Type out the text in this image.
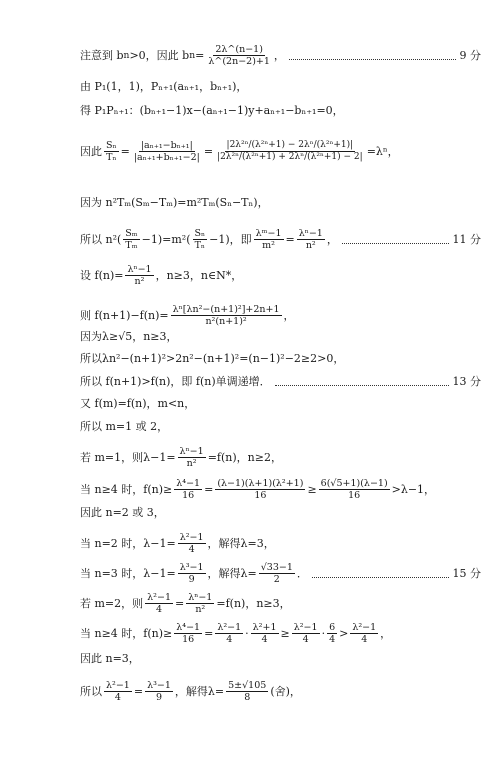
注意到 b n >0，因此 b $n = \frac{2\lambda\^{}(n-1)}{\lambda\^{}(2n-2)+1}$ ，	9 分
由 P₁(1，1)，Pₙ₊₁(aₙ₊₁，bₙ₊₁)，
得 P₁Pₙ₊₁：(bₙ₊₁−1)x−(aₙ₊₁−1)y+aₙ₊₁−bₙ₊₁=0，
因此 $\frac{\text{Sₙ}}{\text{Tₙ}} = \frac{\text{|aₙ₊₁−bₙ₊₁|}}{\text{|aₙ₊₁+bₙ₊₁−2|}} = \frac{\text{|2λ²ⁿ/(λ²ⁿ+1) − 2λⁿ/(λ²ⁿ+1)|}}{\text{|2λ²ⁿ/(λ²ⁿ+1) + 2λⁿ/(λ²ⁿ+1) − 2|}} =\lambda^n$，
因为 n²Tₘ(Sₘ−Tₘ)=m²Tₘ(Sₙ−Tₙ)，
所以 $n^2( \frac{\text{Sₘ}}{\text{Tₘ}} -1)=m^2( \frac{\text{Sₙ}}{\text{Tₙ}} -1)$，即 $\frac{\text{λᵐ−1}}{\text{m²}} = \frac{\text{λⁿ−1}}{\text{n²}}$ ，	11 分
设 $f(n)= \frac{\text{λⁿ−1}}{\text{n²}}$ ，n≥3，n∈N*，
则 $f(n+1)-f(n)= \frac{\text{λⁿ[λn²−(n+1)²]+2n+1}}{\text{n²(n+1)²}}$ ，
因为λ≥√5，n≥3，
所以λn²−(n+1)²>2n²−(n+1)²=(n−1)²−2≥2>0，
所以 f(n+1)>f(n)，即 f(n)单调递增．	13 分
又 f(m)=f(n)，m<n，
所以 m=1 或 2，
若 m=1，则$\lambda-1= \frac{\text{λⁿ−1}}{\text{n²}} =f(n)$，n≥2，
当 n≥4 时，$f(n)\ge \frac{\text{λ⁴−1}}{16} = \frac{\text{(λ−1)(λ+1)(λ²+1)}}{16} \ge \frac{6(√5+1)(\lambda-1)}{16} >\lambda-1$，
因此 n=2 或 3，
当 n=2 时，$\lambda-1= \frac{\text{λ²−1}}{4}$ ，解得λ=3，
当 n=3 时，$\lambda-1= \frac{\text{λ³−1}}{9}$ ，解得$\lambda= \frac{√33-1}{2}$ ．	15 分
若 m=2，则 $\frac{\text{λ²−1}}{4} = \frac{\text{λⁿ−1}}{\text{n²}} =f(n)$，n≥3，
当 n≥4 时，$f(n)\ge \frac{\text{λ⁴−1}}{16} = \frac{\text{λ²−1}}{4} \cdot \frac{\text{λ²+1}}{4} \ge \frac{\text{λ²−1}}{4} \cdot \frac{6}{4} > \frac{\text{λ²−1}}{4}$ ，
因此 n=3，
所以 $\frac{\text{λ²−1}}{4} = \frac{\text{λ³−1}}{9}$ ，解得$\lambda= \frac{5\pm√105}{8}$ (舍)，
